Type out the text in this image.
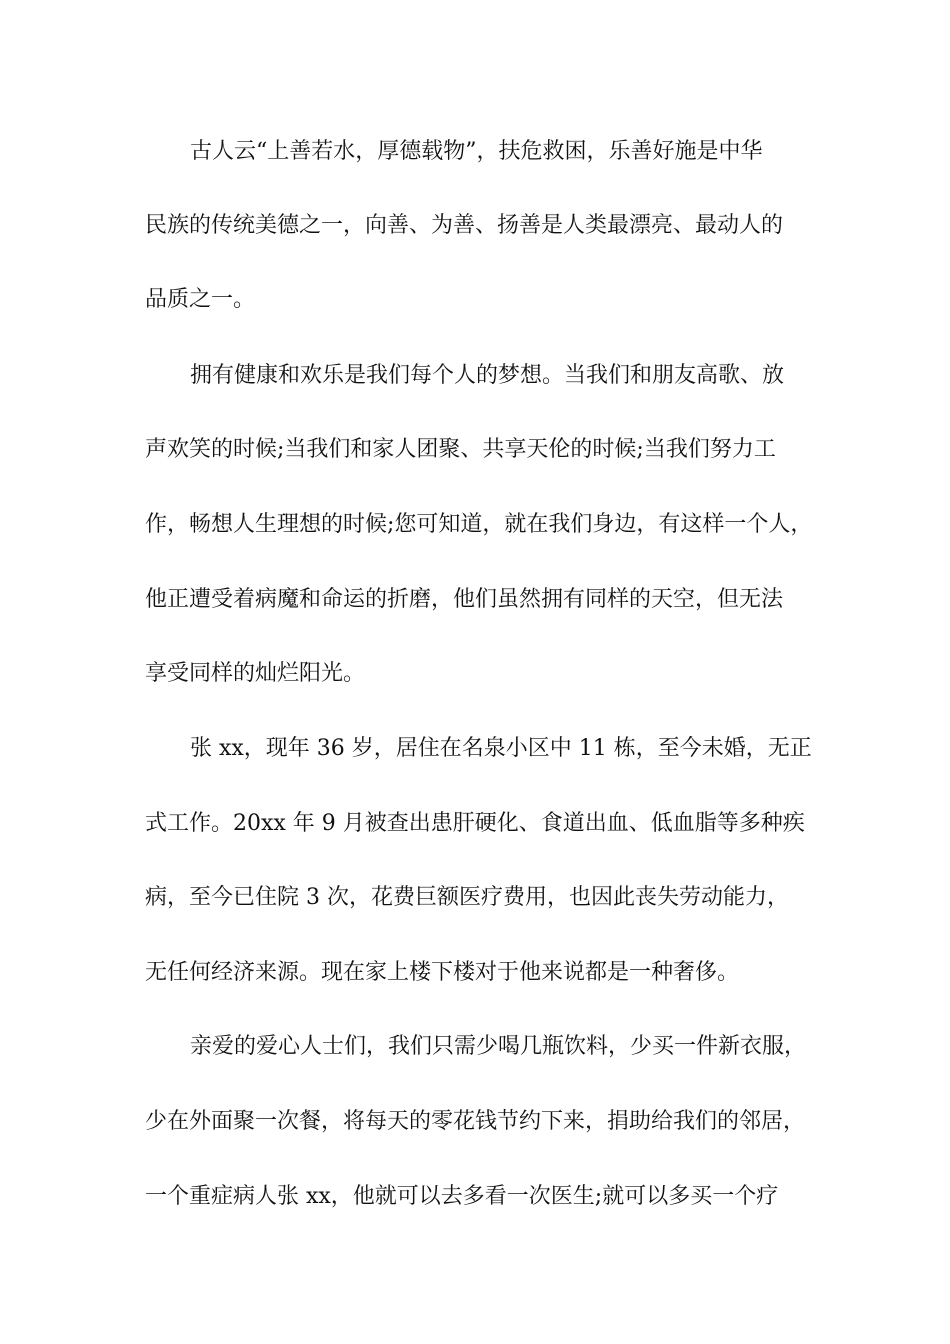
古人云“上善若水，厚德载物”，扶危救困，乐善好施是中华
民族的传统美德之一，向善、为善、扬善是人类最漂亮、最动人的
品质之一。
拥有健康和欢乐是我们每个人的梦想。当我们和朋友高歌、放
声欢笑的时候;当我们和家人团聚、共享天伦的时候;当我们努力工
作，畅想人生理想的时候;您可知道，就在我们身边，有这样一个人，
他正遭受着病魔和命运的折磨，他们虽然拥有同样的天空，但无法
享受同样的灿烂阳光。
张 xx，现年 36 岁，居住在名泉小区中 11 栋，至今未婚，无正
式工作。20xx 年 9 月被查出患肝硬化、食道出血、低血脂等多种疾
病，至今已住院 3 次，花费巨额医疗费用，也因此丧失劳动能力，
无任何经济来源。现在家上楼下楼对于他来说都是一种奢侈。
亲爱的爱心人士们，我们只需少喝几瓶饮料，少买一件新衣服，
少在外面聚一次餐，将每天的零花钱节约下来，捐助给我们的邻居，
一个重症病人张 xx，他就可以去多看一次医生;就可以多买一个疗
